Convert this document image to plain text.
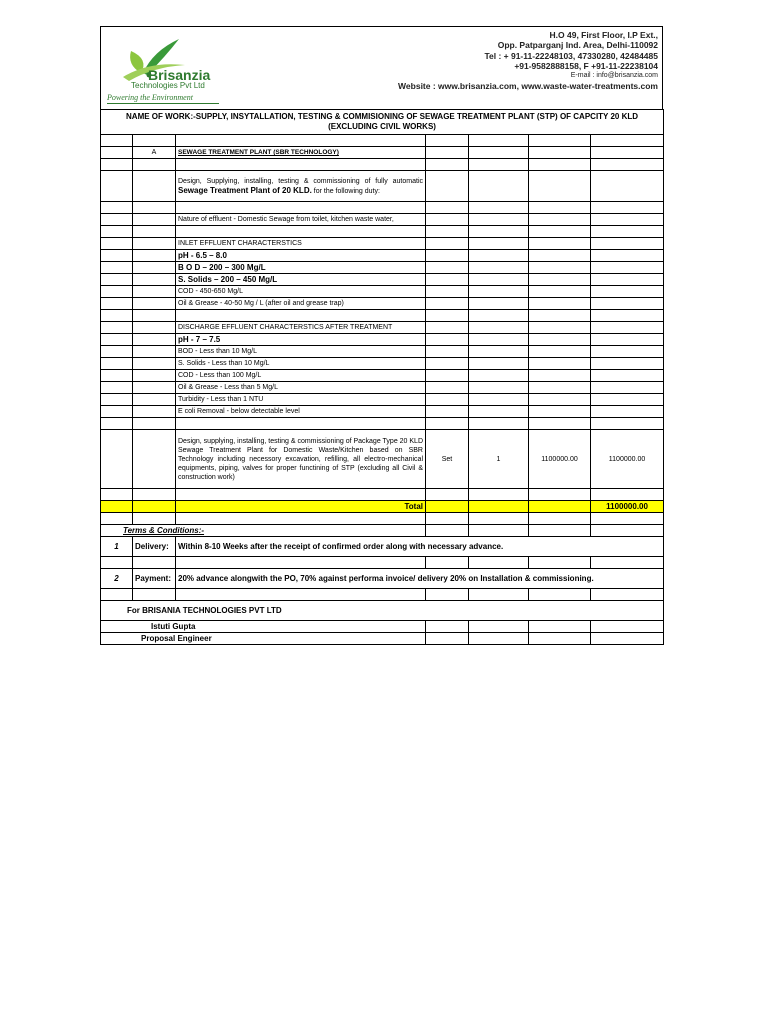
Brisanzia
Technologies Pvt Ltd
Powering the Environment
H.O 49, First Floor, I.P Ext.,
Opp. Patparganj Ind. Area, Delhi-110092
Tel : + 91-11-22248103, 47330280, 42484485
+91-9582888158, F +91-11-22238104
E-mail : info@brisanzia.com
Website : www.brisanzia.com, www.waste-water-treatments.com
NAME OF WORK:-SUPPLY, INSYTALLATION, TESTING & COMMISIONING OF SEWAGE TREATMENT PLANT (STP) OF CAPCITY 20 KLD (EXCLUDING CIVIL WORKS)						

	A	SEWAGE TREATMENT PLANT (SBR TECHNOLOGY)				

		Design, Supplying, installing, testing & commissioning of fully automatic Sewage Treatment Plant of 20 KLD. for the following duty:				

		Nature of effluent - Domestic Sewage from toilet, kitchen waste water,				

		INLET EFFLUENT CHARACTERSTICS				
		pH - 6.5 – 8.0				
		B O D – 200 – 300 Mg/L				
		S. Solids – 200 – 450 Mg/L				
		COD - 450-650 Mg/L				
		Oil & Grease - 40-50 Mg / L (after oil and grease trap)				

		DISCHARGE EFFLUENT CHARACTERSTICS AFTER TREATMENT				
		pH - 7 – 7.5				
		BOD - Less than 10 Mg/L				
		S. Solids - Less than 10 Mg/L				
		COD - Less than 100 Mg/L				
		Oil & Grease - Less than 5 Mg/L				
		Turbidity - Less than 1 NTU				
		E coli Removal - below detectable level				

		Design, supplying, installing, testing & commissioning of Package Type 20 KLD Sewage Treatment Plant for Domestic Waste/Kitchen based on SBR Technology including necessory excavation, refilling, all electro-mechanical equipments, piping, valves for proper functining of STP (excluding all Civil & construction work)	Set	1	1100000.00	1100000.00

		Total				1100000.00

Terms & Conditions:-						
1	Delivery:	Within 8-10 Weeks after the receipt of confirmed order along with necessary advance.				

2	Payment:	20% advance alongwith the PO, 70% against performa invoice/ delivery 20% on Installation & commissioning.				

For BRISANIA TECHNOLOGIES PVT LTD						
Istuti Gupta						
Proposal Engineer						
